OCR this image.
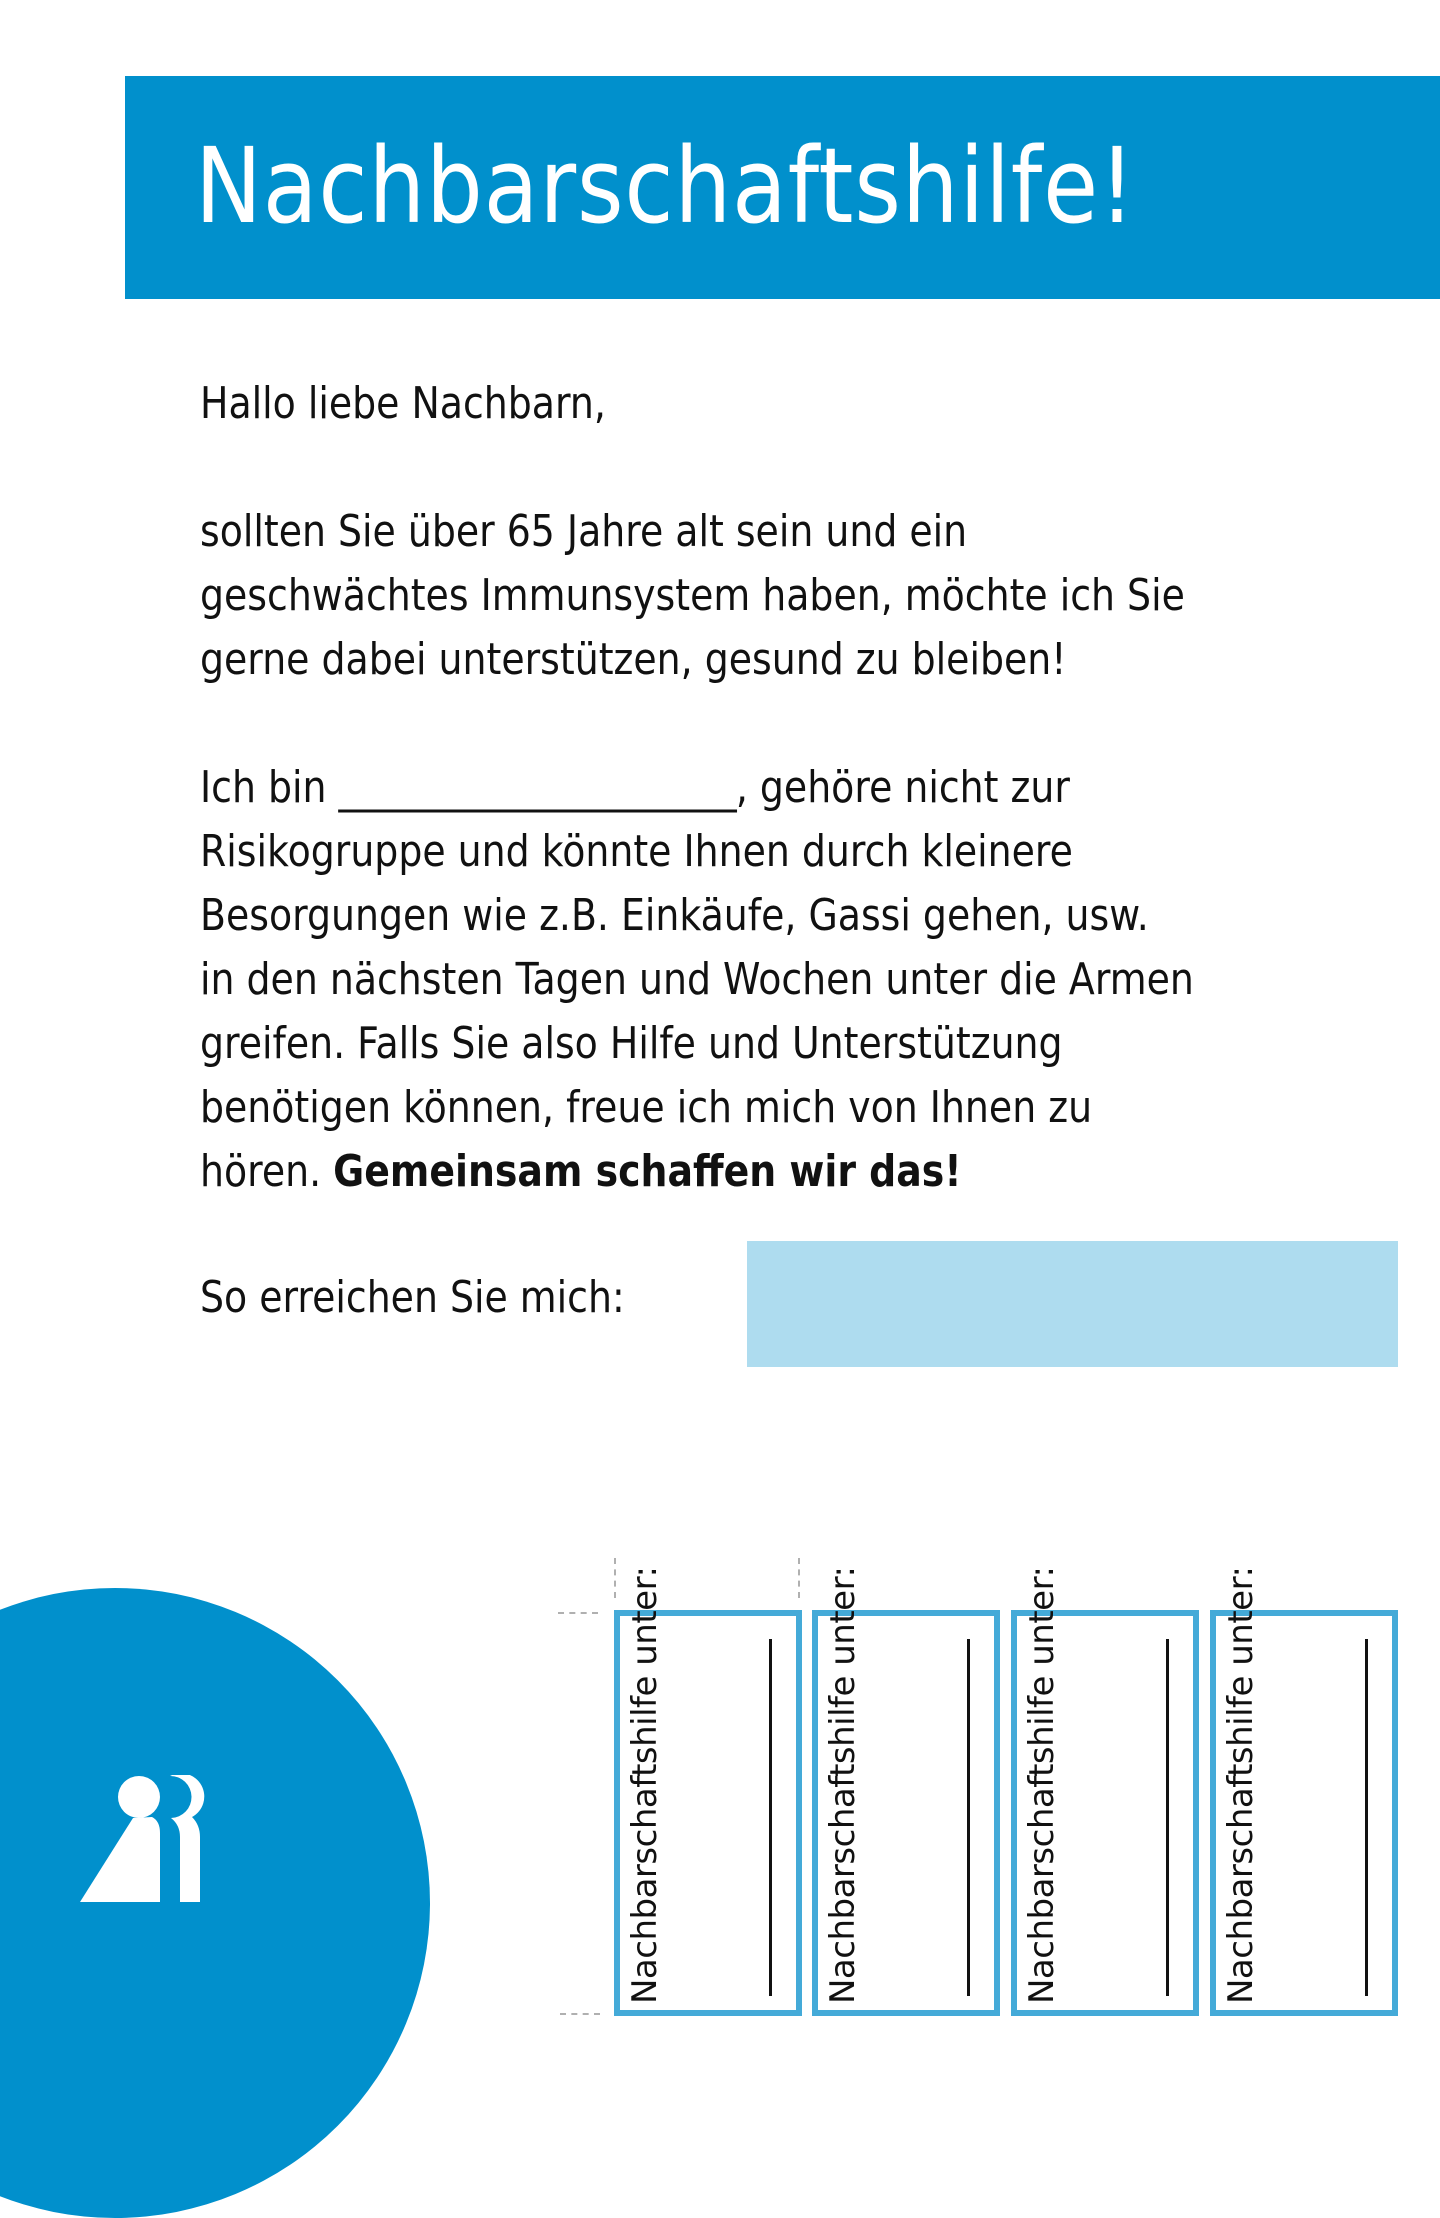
Nachbarschaftshilfe!

Hallo liebe Nachbarn,

sollten Sie über 65 Jahre alt sein und ein
geschwächtes Immunsystem haben, möchte ich Sie
gerne dabei unterstützen, gesund zu bleiben!

Ich bin ______________________, gehöre nicht zur
Risikogruppe und könnte Ihnen durch kleinere
Besorgungen wie z.B. Einkäufe, Gassi gehen, usw.
in den nächsten Tagen und Wochen unter die Armen
greifen. Falls Sie also Hilfe und Unterstützung
benötigen können, freue ich mich von Ihnen zu
hören. Gemeinsam schaffen wir das!

So erreichen Sie mich:
Nachbarschaftshilfe unter:	Nachbarschaftshilfe unter:	Nachbarschaftshilfe unter:	Nachbarschaftshilfe unter:
